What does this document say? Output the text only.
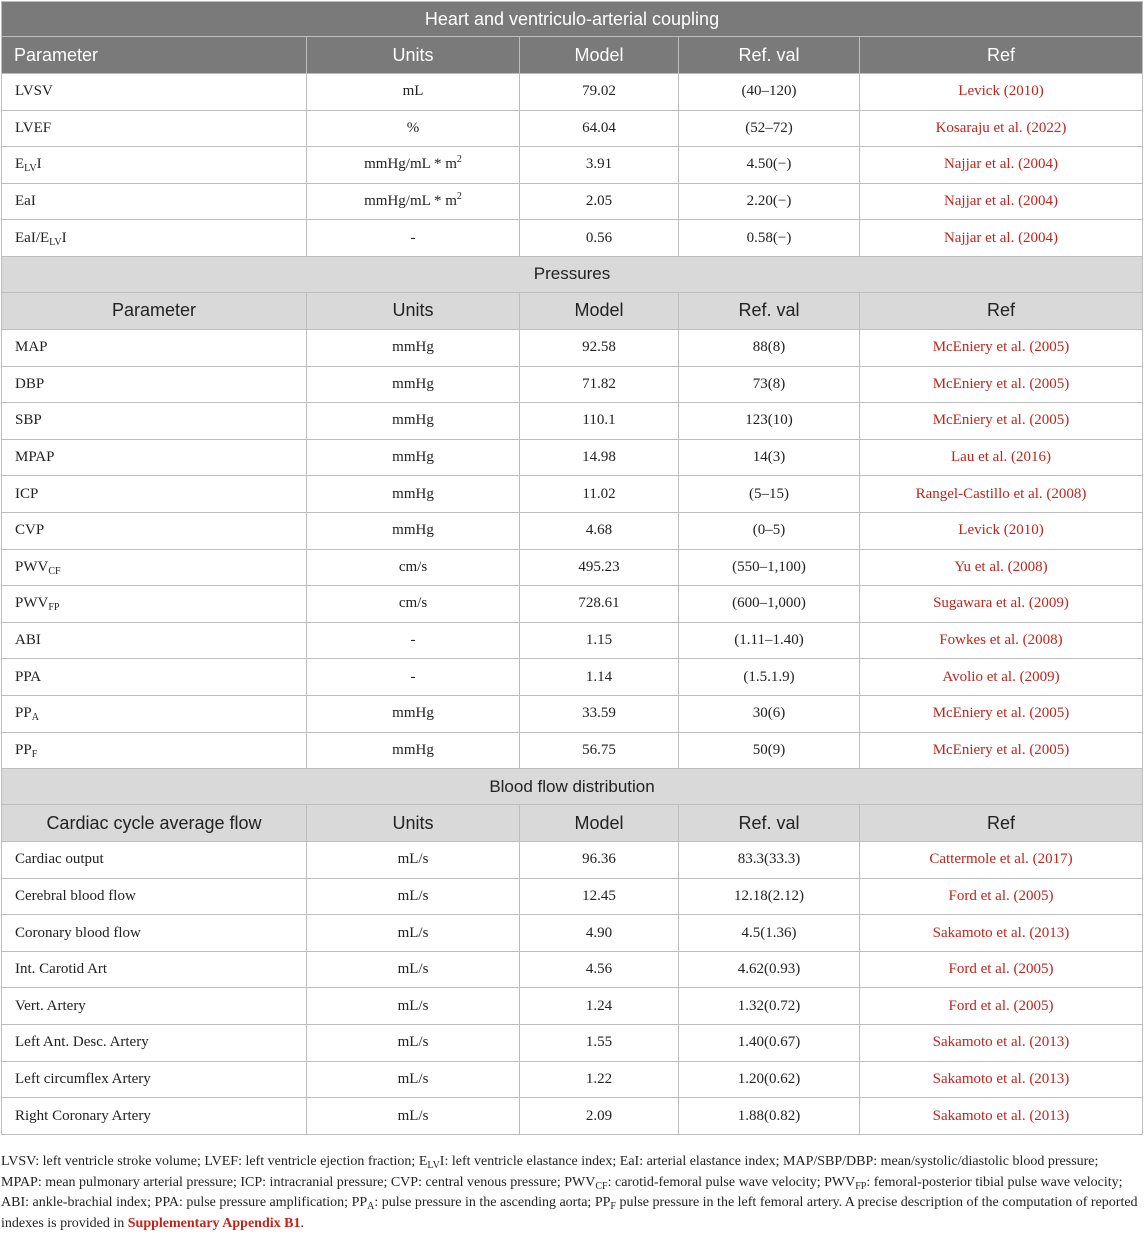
Heart and ventriculo-arterial coupling				
Parameter	Units	Model	Ref. val	Ref
LVSV	mL	79.02	(40–120)	Levick (2010)
LVEF	%	64.04	(52–72)	Kosaraju et al. (2022)
$E_{LV}I$	mmHg/mL * $m^2$	3.91	4.50(−)	Najjar et al. (2004)
EaI	mmHg/mL * $m^2$	2.05	2.20(−)	Najjar et al. (2004)
EaI/$E_{LV}I$	-	0.56	0.58(−)	Najjar et al. (2004)
Pressures				
Parameter	Units	Model	Ref. val	Ref
MAP	mmHg	92.58	88(8)	McEniery et al. (2005)
DBP	mmHg	71.82	73(8)	McEniery et al. (2005)
SBP	mmHg	110.1	123(10)	McEniery et al. (2005)
MPAP	mmHg	14.98	14(3)	Lau et al. (2016)
ICP	mmHg	11.02	(5–15)	Rangel-Castillo et al. (2008)
CVP	mmHg	4.68	(0–5)	Levick (2010)
$PWV_{CF}$	cm/s	495.23	(550–1,100)	Yu et al. (2008)
$PWV_{FP}$	cm/s	728.61	(600–1,000)	Sugawara et al. (2009)
ABI	-	1.15	(1.11–1.40)	Fowkes et al. (2008)
PPA	-	1.14	(1.5.1.9)	Avolio et al. (2009)
$PP_A$	mmHg	33.59	30(6)	McEniery et al. (2005)
$PP_F$	mmHg	56.75	50(9)	McEniery et al. (2005)
Blood flow distribution				
Cardiac cycle average flow	Units	Model	Ref. val	Ref
Cardiac output	mL/s	96.36	83.3(33.3)	Cattermole et al. (2017)
Cerebral blood flow	mL/s	12.45	12.18(2.12)	Ford et al. (2005)
Coronary blood flow	mL/s	4.90	4.5(1.36)	Sakamoto et al. (2013)
Int. Carotid Art	mL/s	4.56	4.62(0.93)	Ford et al. (2005)
Vert. Artery	mL/s	1.24	1.32(0.72)	Ford et al. (2005)
Left Ant. Desc. Artery	mL/s	1.55	1.40(0.67)	Sakamoto et al. (2013)
Left circumflex Artery	mL/s	1.22	1.20(0.62)	Sakamoto et al. (2013)
Right Coronary Artery	mL/s	2.09	1.88(0.82)	Sakamoto et al. (2013)
LVSV: left ventricle stroke volume; LVEF: left ventricle ejection fraction; $E_{LV}I$: left ventricle elastance index; EaI: arterial elastance index; MAP/SBP/DBP: mean/systolic/diastolic blood pressure; MPAP: mean pulmonary arterial pressure; ICP: intracranial pressure; CVP: central venous pressure; $PWV_{CF}$: carotid-femoral pulse wave velocity; $PWV_{FP}$: femoral-posterior tibial pulse wave velocity; ABI: ankle-brachial index; PPA: pulse pressure amplification; $PP_A$: pulse pressure in the ascending aorta; $PP_F$ pulse pressure in the left femoral artery. A precise description of the computation of reported indexes is provided in Supplementary Appendix B1.
